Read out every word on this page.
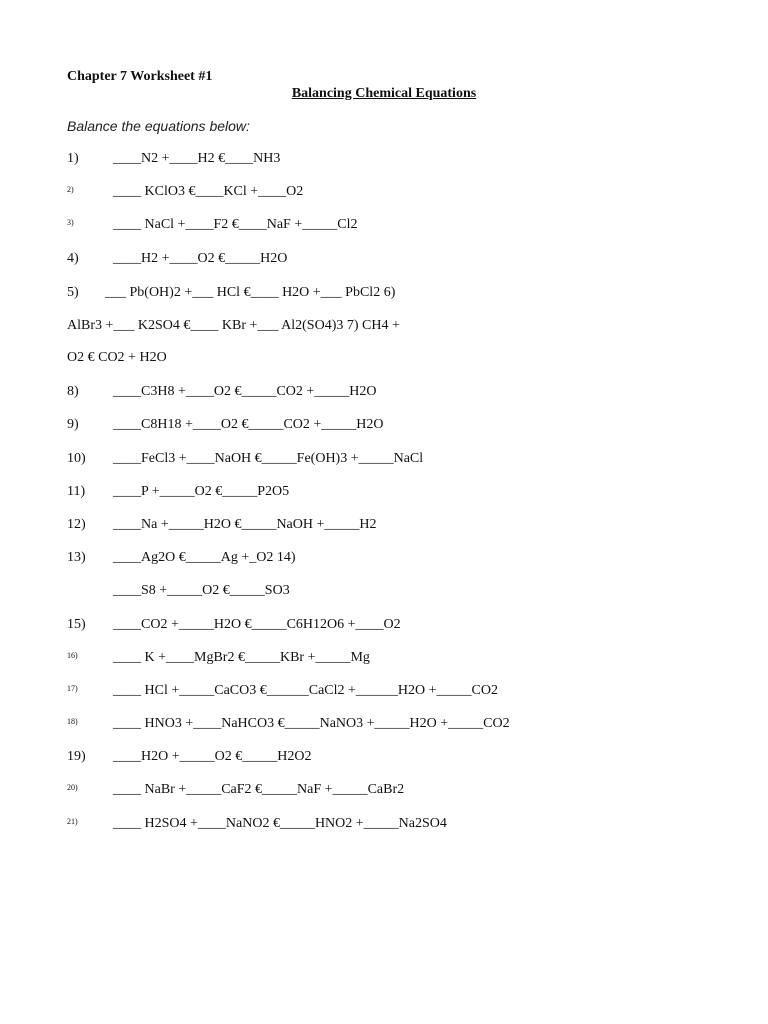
Chapter 7 Worksheet #1
Balancing Chemical Equations
Balance the equations below:
1) ____N2 +____H2 €____NH3
2)	____ KClO3 €____KCl +____O2
3)	____ NaCl +____F2 €____NaF +_____Cl2
4) ____H2 +____O2 €_____H2O
5) ___ Pb(OH)2 +___ HCl €____ H2O +___ PbCl2 6)
AlBr3 +___ K2SO4 €____ KBr +___ Al2(SO4)3 7) CH4 +
O2 € CO2 + H2O
8) ____C3H8 +____O2 €_____CO2 +_____H2O
9) ____C8H18 +____O2 €_____CO2 +_____H2O
10) ____FeCl3 +____NaOH €_____Fe(OH)3 +_____NaCl
11) ____P +_____O2 €_____P2O5
12) ____Na +_____H2O €_____NaOH +_____H2
13) ____Ag2O €_____Ag +_O2 14)
____S8 +_____O2 €_____SO3
15) ____CO2 +_____H2O €_____C6H12O6 +____O2
16)	____ K +____MgBr2 €_____KBr +_____Mg
17)	____ HCl +_____CaCO3 €______CaCl2 +______H2O +_____CO2
18)	____ HNO3 +____NaHCO3 €_____NaNO3 +_____H2O +_____CO2
19) ____H2O +_____O2 €_____H2O2
20)	____ NaBr +_____CaF2 €_____NaF +_____CaBr2
21)	____ H2SO4 +____NaNO2 €_____HNO2 +_____Na2SO4
